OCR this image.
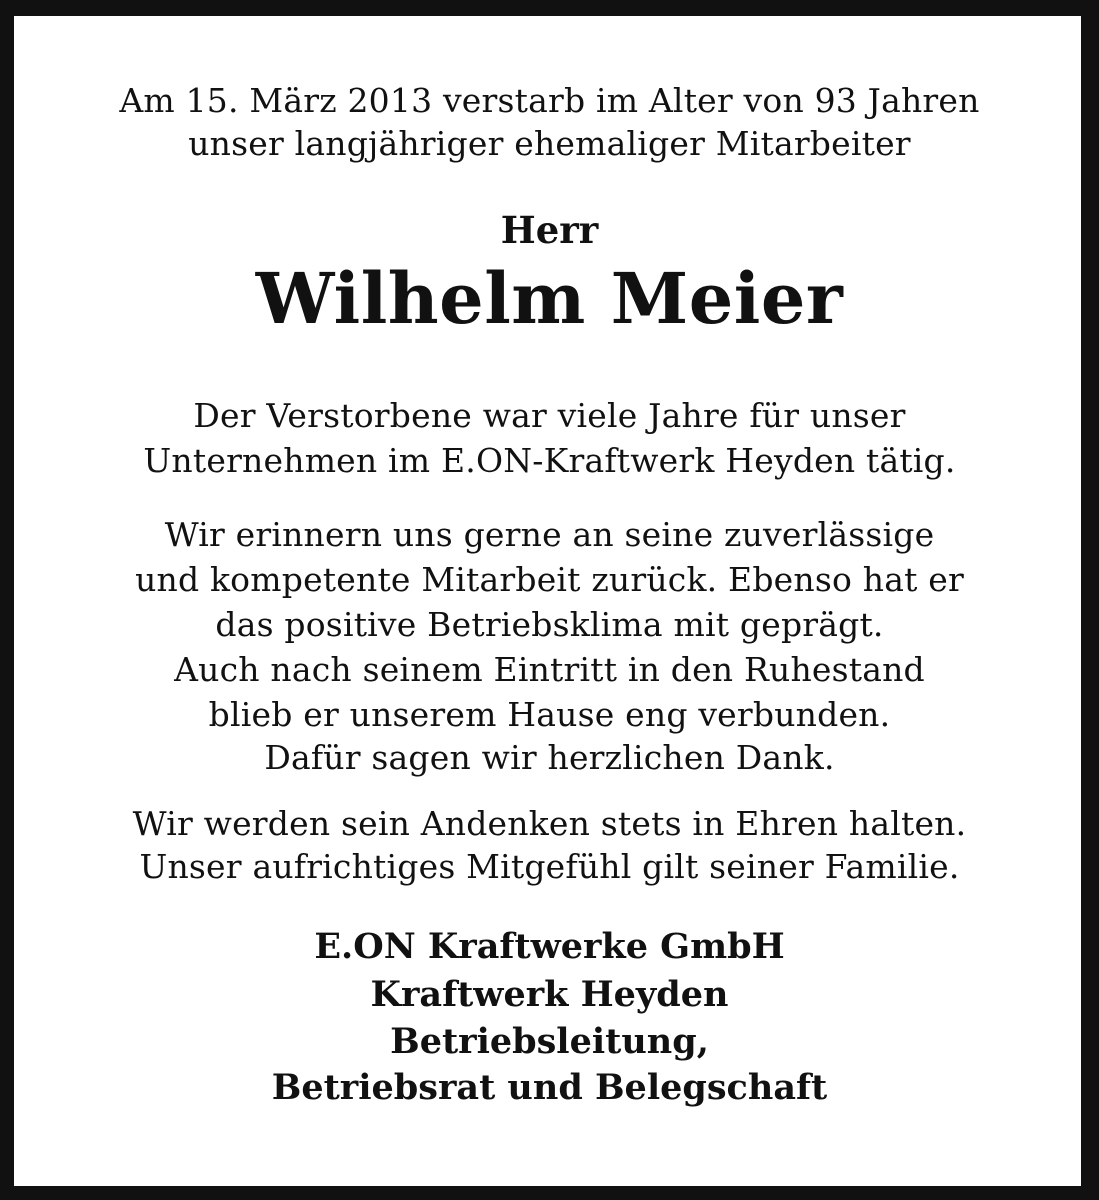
Am 15. März 2013 verstarb im Alter von 93 Jahren
unser langjähriger ehemaliger Mitarbeiter
Herr
Wilhelm Meier
Der Verstorbene war viele Jahre für unser
Unternehmen im E.ON-Kraftwerk Heyden tätig.
Wir erinnern uns gerne an seine zuverlässige
und kompetente Mitarbeit zurück. Ebenso hat er
das positive Betriebsklima mit geprägt.
Auch nach seinem Eintritt in den Ruhestand
blieb er unserem Hause eng verbunden.
Dafür sagen wir herzlichen Dank.
Wir werden sein Andenken stets in Ehren halten.
Unser aufrichtiges Mitgefühl gilt seiner Familie.
E.ON Kraftwerke GmbH
Kraftwerk Heyden
Betriebsleitung,
Betriebsrat und Belegschaft
